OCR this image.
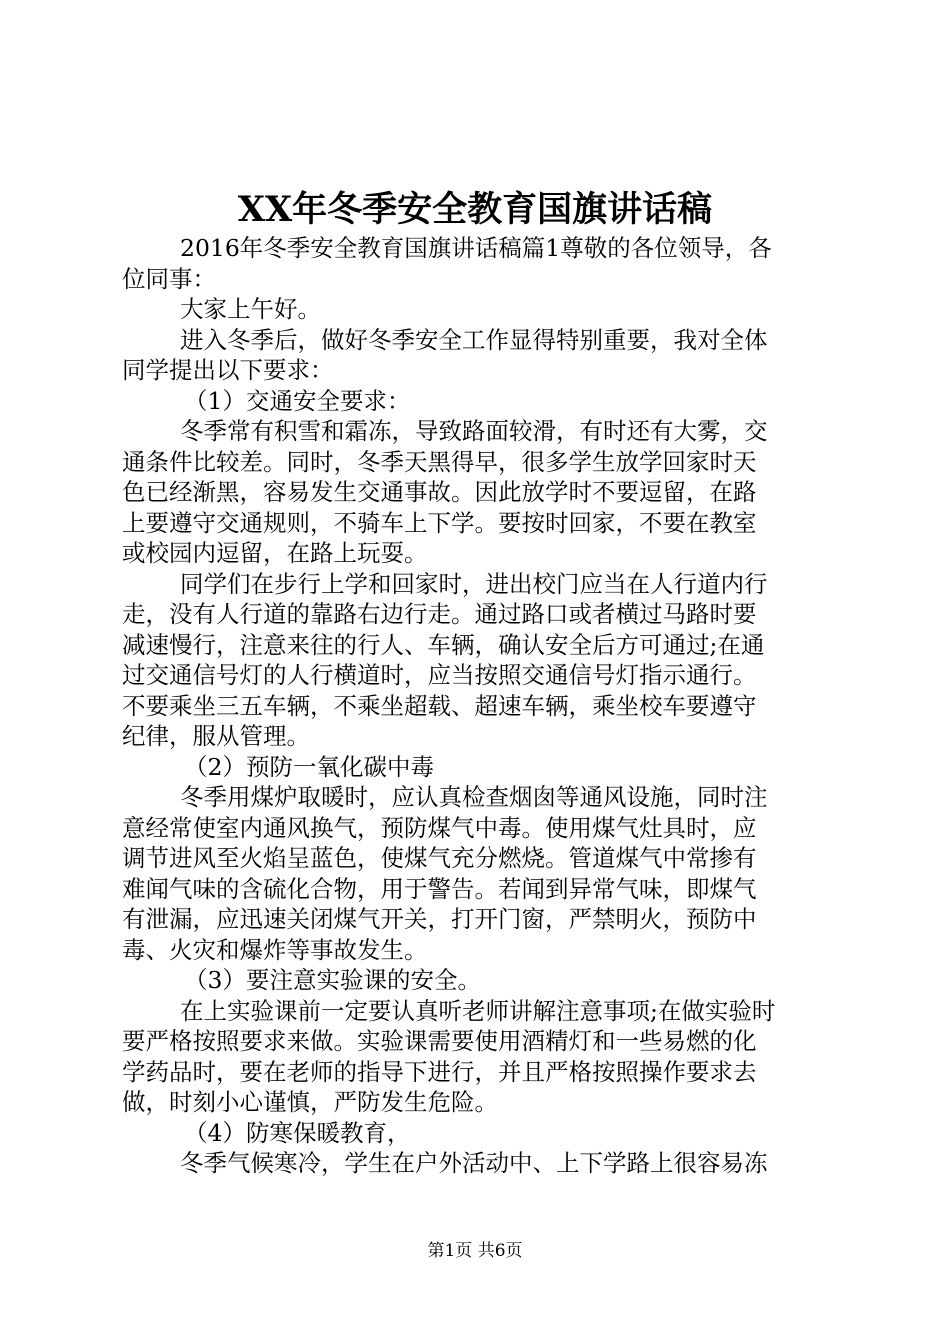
XX年冬季安全教育国旗讲话稿
2016年冬季安全教育国旗讲话稿篇1尊敬的各位领导，各
位同事：
大家上午好。
进入冬季后，做好冬季安全工作显得特别重要，我对全体
同学提出以下要求：
（1）交通安全要求：
冬季常有积雪和霜冻，导致路面较滑，有时还有大雾，交
通条件比较差。同时，冬季天黑得早，很多学生放学回家时天
色已经渐黑，容易发生交通事故。因此放学时不要逗留，在路
上要遵守交通规则，不骑车上下学。要按时回家，不要在教室
或校园内逗留，在路上玩耍。
同学们在步行上学和回家时，进出校门应当在人行道内行
走，没有人行道的靠路右边行走。通过路口或者横过马路时要
减速慢行，注意来往的行人、车辆，确认安全后方可通过;在通
过交通信号灯的人行横道时，应当按照交通信号灯指示通行。
不要乘坐三五车辆，不乘坐超载、超速车辆，乘坐校车要遵守
纪律，服从管理。
（2）预防一氧化碳中毒
冬季用煤炉取暖时，应认真检查烟囱等通风设施，同时注
意经常使室内通风换气，预防煤气中毒。使用煤气灶具时，应
调节进风至火焰呈蓝色，使煤气充分燃烧。管道煤气中常掺有
难闻气味的含硫化合物，用于警告。若闻到异常气味，即煤气
有泄漏，应迅速关闭煤气开关，打开门窗，严禁明火，预防中
毒、火灾和爆炸等事故发生。
（3）要注意实验课的安全。
在上实验课前一定要认真听老师讲解注意事项;在做实验时
要严格按照要求来做。实验课需要使用酒精灯和一些易燃的化
学药品时，要在老师的指导下进行，并且严格按照操作要求去
做，时刻小心谨慎，严防发生危险。
（4）防寒保暖教育，
冬季气候寒冷，学生在户外活动中、上下学路上很容易冻
第1页 共6页
